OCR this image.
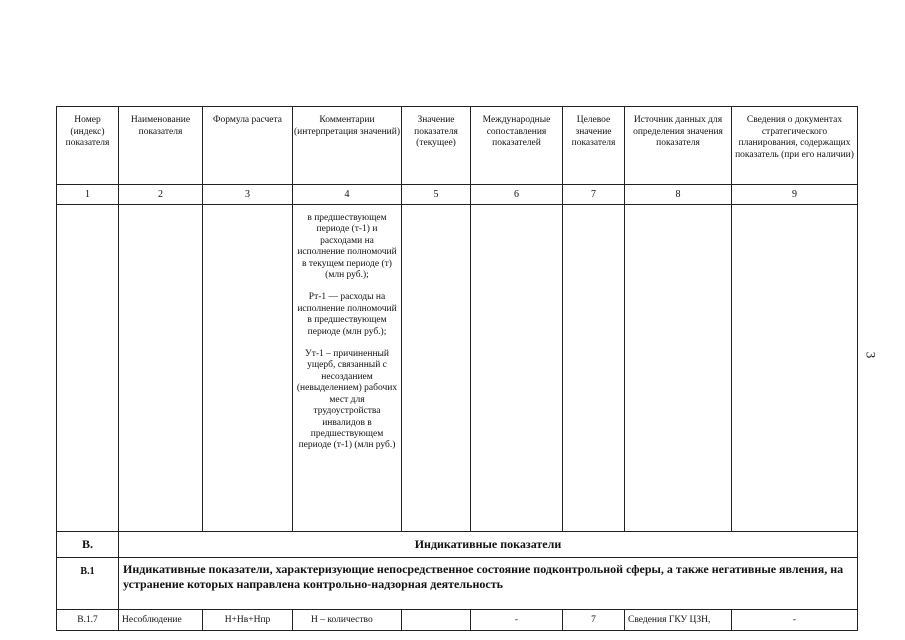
3
Номер (индекс) показателя	Наименование показателя	Формула расчета	Комментарии (интерпретация значений)	Значение показателя (текущее)	Международные сопоставления показателей	Целевое значение показателя	Источник данных для определения значения показателя	Сведения о документах стратегического планирования, содержащих показатель (при его наличии)
1	2	3	4	5	6	7	8	9

			в предшествующем периоде (т-1) и расходами на исполнение полномочий в текущем периоде (т) (млн руб.);

Рт-1 — расходы на исполнение полномочий в предшествующем периоде (млн руб.);

Ут-1 – причиненный ущерб, связанный с несозданием (невыделением) рабочих мест для трудоустройства инвалидов в предшествующем периоде (т-1) (млн руб.)					

В.	Индикативные показатели							
В.1	Индикативные показатели, характеризующие непосредственное состояние подконтрольной сферы, а также негативные явления, на устранение которых направлена контрольно-надзорная деятельность							
В.1.7	Несоблюдение	Н+Нв+Нпр	Н – количество		-	7	Сведения ГКУ ЦЗН,	-
